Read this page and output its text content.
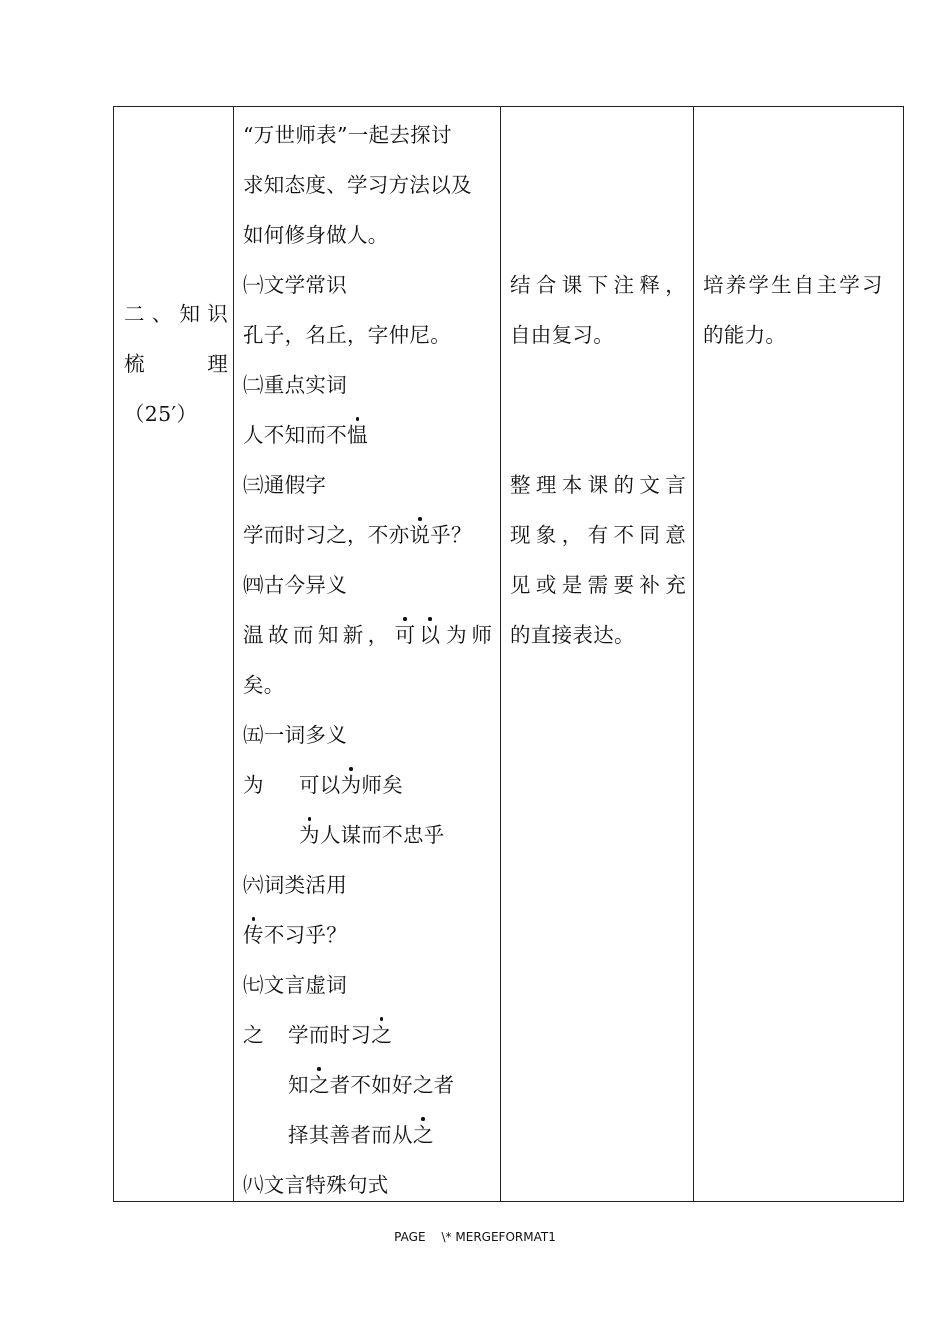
二、知识
梳　　理
（25′）

“万世师表”一起去探讨
求知态度、学习方法以及
如何修身做人。
㈠文学常识
孔子，名丘，字仲尼。
㈡重点实词
人不知而不愠
㈢通假字
学而时习之，不亦说乎？
㈣古今异义
温故而知新，可 以 为师
矣。
㈤一词多义
为 可以为师矣
为人谋而不忠乎
㈥词类活用
传不习乎？
㈦文言虚词
之 学而时习之
知之者不如好之者
择其善者而从之
㈧文言特殊句式

结合课下注释，
自由复习。
整理本课的文言
现象，有不同意
见或是需要补充
的直接表达。

培养学生自主学习
的能力。
PAGE \* MERGEFORMAT1
